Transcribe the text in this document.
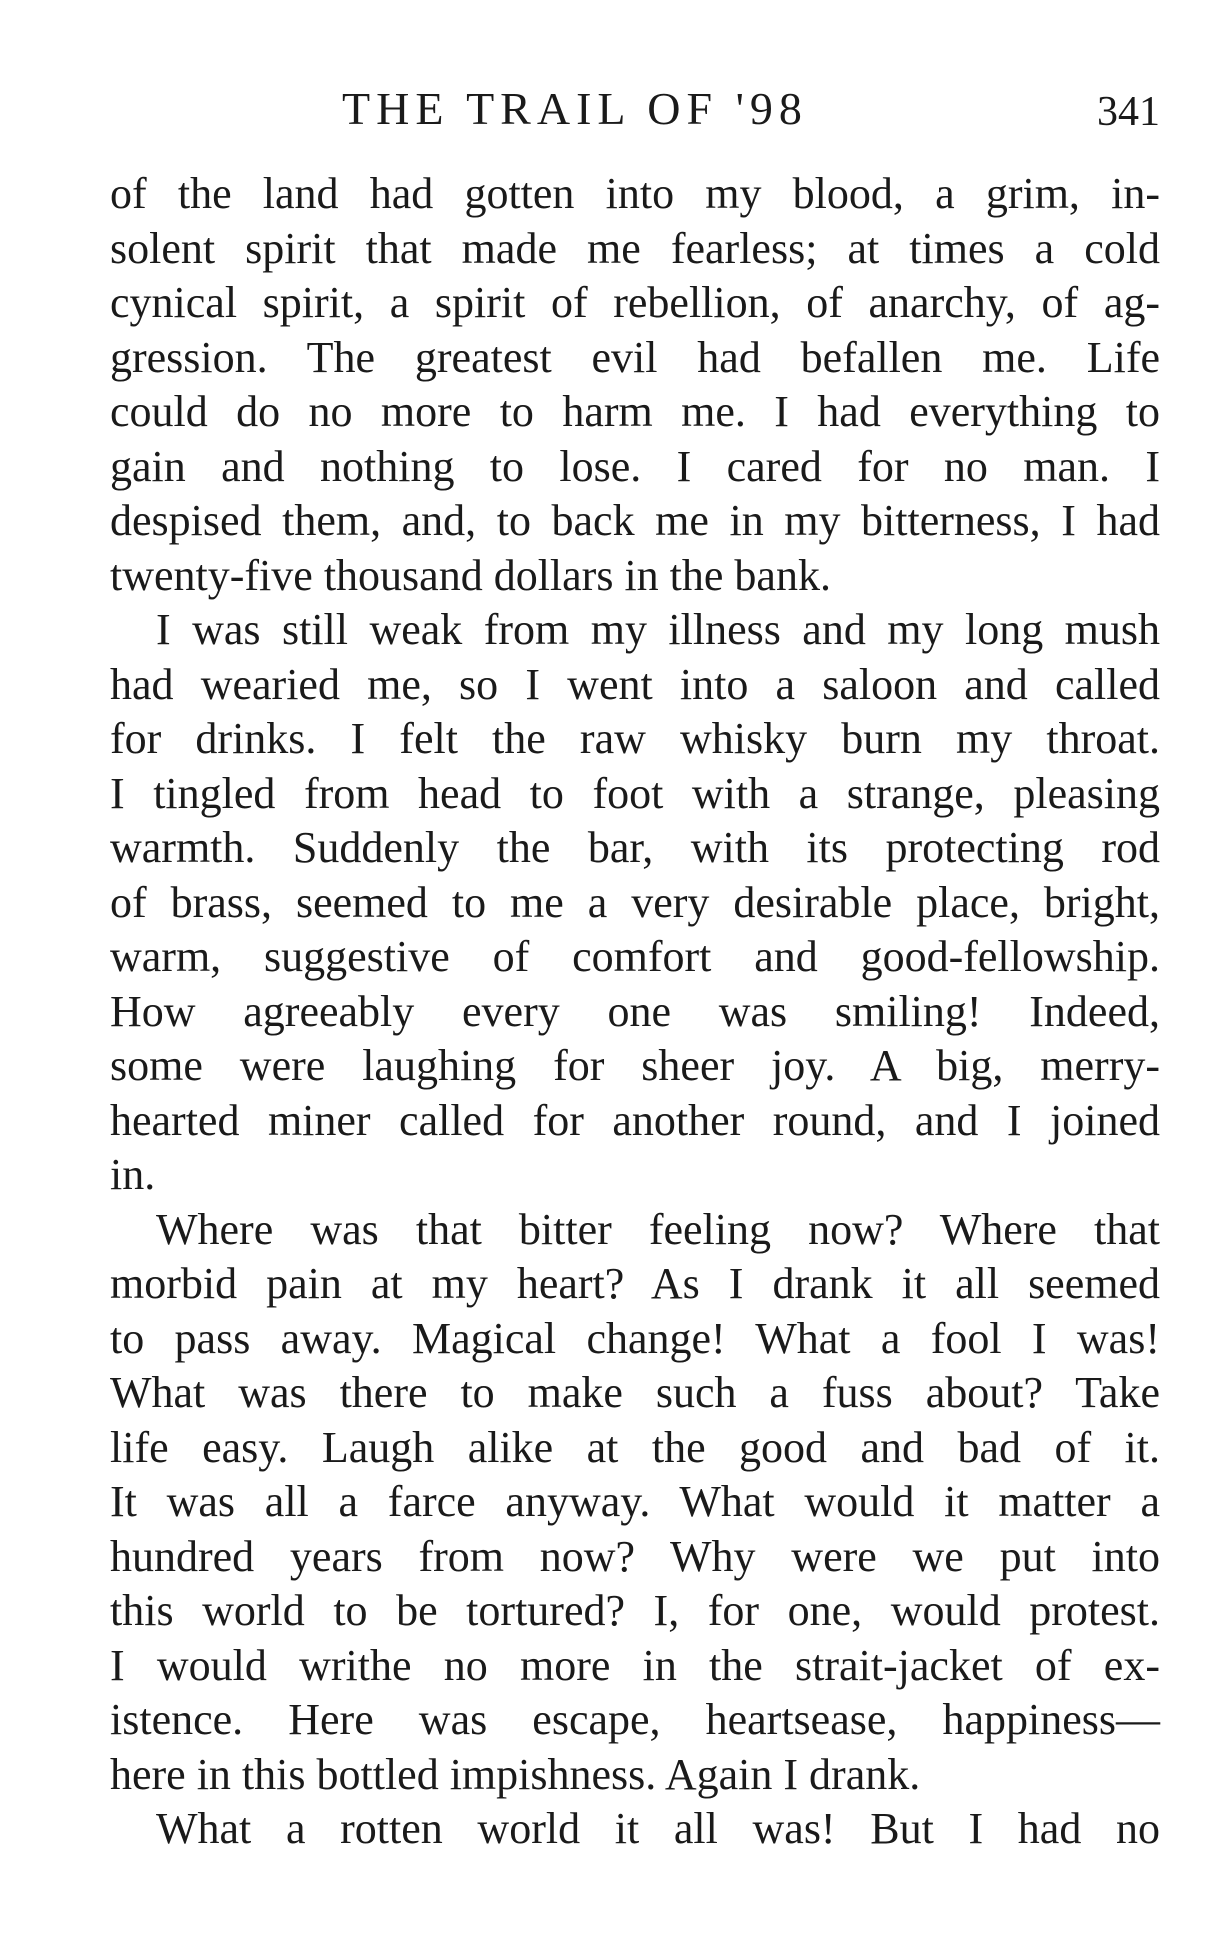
THE TRAIL OF '98	341
of the land had gotten into my blood, a grim, in-
solent spirit that made me fearless; at times a cold
cynical spirit, a spirit of rebellion, of anarchy, of ag-
gression. The greatest evil had befallen me. Life
could do no more to harm me. I had everything to
gain and nothing to lose. I cared for no man. I
despised them, and, to back me in my bitterness, I had
twenty-five thousand dollars in the bank.
I was still weak from my illness and my long mush
had wearied me, so I went into a saloon and called
for drinks. I felt the raw whisky burn my throat.
I tingled from head to foot with a strange, pleasing
warmth. Suddenly the bar, with its protecting rod
of brass, seemed to me a very desirable place, bright,
warm, suggestive of comfort and good-fellowship.
How agreeably every one was smiling! Indeed,
some were laughing for sheer joy. A big, merry-
hearted miner called for another round, and I joined
in.
Where was that bitter feeling now? Where that
morbid pain at my heart? As I drank it all seemed
to pass away. Magical change! What a fool I was!
What was there to make such a fuss about? Take
life easy. Laugh alike at the good and bad of it.
It was all a farce anyway. What would it matter a
hundred years from now? Why were we put into
this world to be tortured? I, for one, would protest.
I would writhe no more in the strait-jacket of ex-
istence. Here was escape, heartsease, happiness—
here in this bottled impishness. Again I drank.
What a rotten world it all was! But I had no
